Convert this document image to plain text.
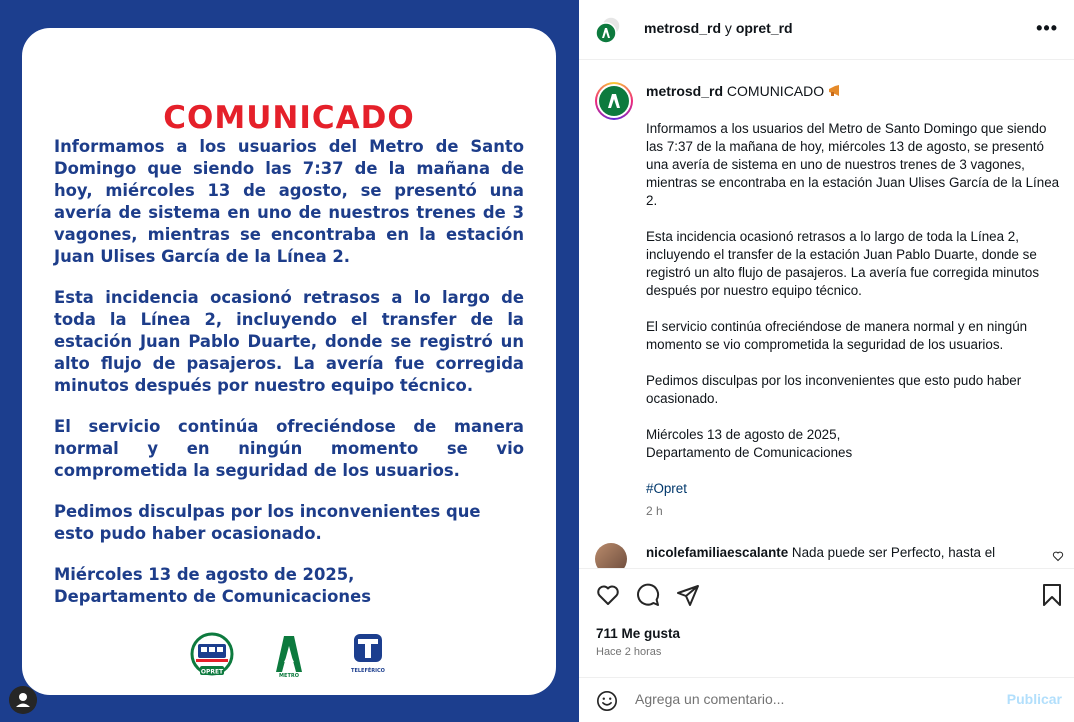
COMUNICADO

Informamos a los usuarios del Metro de Santo Domingo que siendo las 7:37 de la mañana de hoy, miércoles 13 de agosto, se presentó una avería de sistema en uno de nuestros trenes de 3 vagones, mientras se encontraba en la estación Juan Ulises García de la Línea 2.

Esta incidencia ocasionó retrasos a lo largo de toda la Línea 2, incluyendo el transfer de la estación Juan Pablo Duarte, donde se registró un alto flujo de pasajeros. La avería fue corregida minutos después por nuestro equipo técnico.

El servicio continúa ofreciéndose de manera normal y en ningún momento se vio comprometida la seguridad de los usuarios.

Pedimos disculpas por los inconvenientes que esto pudo haber ocasionado.

Miércoles 13 de agosto de 2025,
Departamento de Comunicaciones

OPRET
METRO
TELEFÉRICO
metrosd_rd y opret_rd	•••
metrosd_rd COMUNICADO

Informamos a los usuarios del Metro de Santo Domingo que siendo las 7:37 de la mañana de hoy, miércoles 13 de agosto, se presentó una avería de sistema en uno de nuestros trenes de 3 vagones, mientras se encontraba en la estación Juan Ulises García de la Línea 2.

Esta incidencia ocasionó retrasos a lo largo de toda la Línea 2, incluyendo el transfer de la estación Juan Pablo Duarte, donde se registró un alto flujo de pasajeros. La avería fue corregida minutos después por nuestro equipo técnico.

El servicio continúa ofreciéndose de manera normal y en ningún momento se vio comprometida la seguridad de los usuarios.

Pedimos disculpas por los inconvenientes que esto pudo haber ocasionado.

Miércoles 13 de agosto de 2025,
Departamento de Comunicaciones

#Opret

2 h
nicolefamiliaescalante Nada puede ser Perfecto, hasta el
711 Me gusta
Hace 2 horas
Agrega un comentario...
Publicar
